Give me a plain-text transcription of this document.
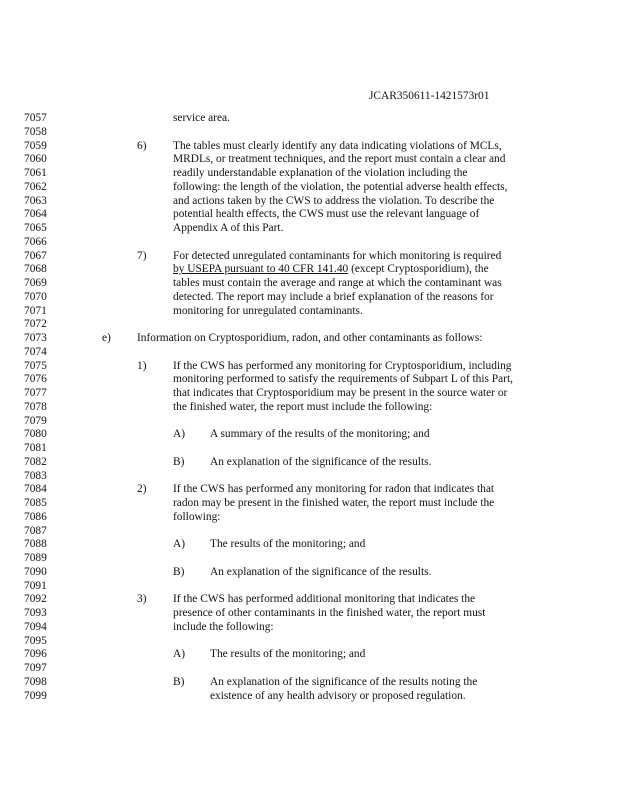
JCAR350611-1421573r01
7057
7058
7059
7060
7061
7062
7063
7064
7065
7066
7067
7068
7069
7070
7071
7072
7073
7074
7075
7076
7077
7078
7079
7080
7081
7082
7083
7084
7085
7086
7087
7088
7089
7090
7091
7092
7093
7094
7095
7096
7097
7098
7099
6)
7)
e)
1)
A)
B)
2)
A)
B)
3)
A)
B)
service area.
The tables must clearly identify any data indicating violations of MCLs,
MRDLs, or treatment techniques, and the report must contain a clear and
readily understandable explanation of the violation including the
following: the length of the violation, the potential adverse health effects,
and actions taken by the CWS to address the violation. To describe the
potential health effects, the CWS must use the relevant language of
Appendix A of this Part.
For detected unregulated contaminants for which monitoring is required
by USEPA pursuant to 40 CFR 141.40 (except Cryptosporidium), the
tables must contain the average and range at which the contaminant was
detected. The report may include a brief explanation of the reasons for
monitoring for unregulated contaminants.
Information on Cryptosporidium, radon, and other contaminants as follows:
If the CWS has performed any monitoring for Cryptosporidium, including
monitoring performed to satisfy the requirements of Subpart L of this Part,
that indicates that Cryptosporidium may be present in the source water or
the finished water, the report must include the following:
A summary of the results of the monitoring; and
An explanation of the significance of the results.
If the CWS has performed any monitoring for radon that indicates that
radon may be present in the finished water, the report must include the
following:
The results of the monitoring; and
An explanation of the significance of the results.
If the CWS has performed additional monitoring that indicates the
presence of other contaminants in the finished water, the report must
include the following:
The results of the monitoring; and
An explanation of the significance of the results noting the
existence of any health advisory or proposed regulation.
